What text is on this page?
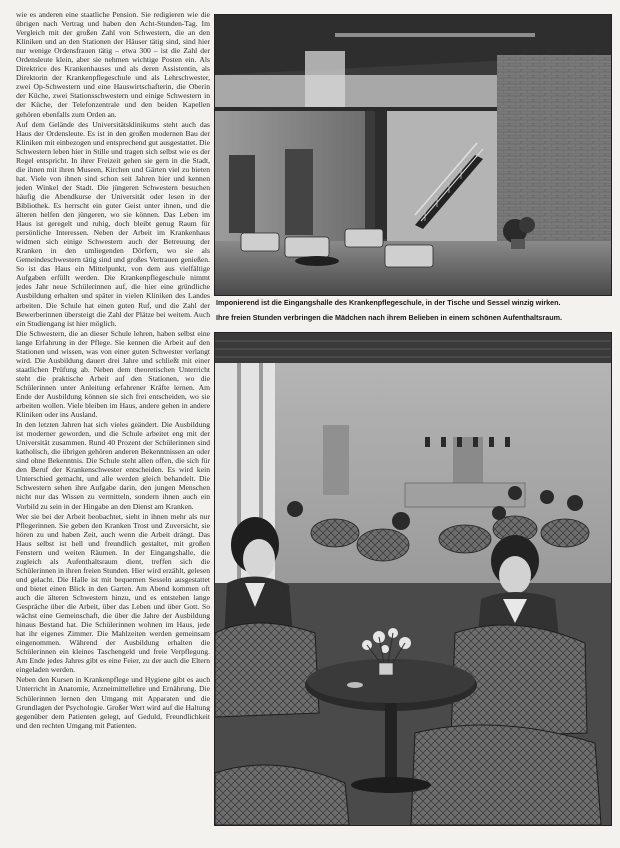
wie es anderen eine staatliche Pension. Sie redigieren wie die übrigen nach Vertrag und haben den Acht-Stunden-Tag. Im Vergleich mit der großen Zahl von Schwestern, die an den Kliniken und an den Stationen der Häuser tätig sind, sind hier nur wenige Ordensfrauen tätig – etwa 300 – ist die Zahl der Ordensleute klein, aber sie nehmen wichtige Posten ein. Als Direktrice des Krankenhauses und als deren Assistentin, als Direktorin der Krankenpflegeschule und als Lehrschwester, zwei Op-Schwestern und eine Hauswirtschafterin, die Oberin der Küche, zwei Stationsschwestern und einige Schwestern in der Küche, der Telefonzentrale und den beiden Kapellen gehören ebenfalls zum Orden an.

Auf dem Gelände des Universitätsklinikums steht auch das Haus der Ordensleute. Es ist in den großen modernen Bau der Kliniken mit einbezogen und entsprechend gut ausgestattet. Die Schwestern leben hier in Stille und tragen sich selbst wie es der Regel entspricht. In ihrer Freizeit gehen sie gern in die Stadt, die ihnen mit ihren Museen, Kirchen und Gärten viel zu bieten hat. Viele von ihnen sind schon seit Jahren hier und kennen jeden Winkel der Stadt. Die jüngeren Schwestern besuchen häufig die Abendkurse der Universität oder lesen in der Bibliothek. Es herrscht ein guter Geist unter ihnen, und die älteren helfen den jüngeren, wo sie können. Das Leben im Haus ist geregelt und ruhig, doch bleibt genug Raum für persönliche Interessen. Neben der Arbeit im Krankenhaus widmen sich einige Schwestern auch der Betreuung der Kranken in den umliegenden Dörfern, wo sie als Gemeindeschwestern tätig sind und großes Vertrauen genießen. So ist das Haus ein Mittelpunkt, von dem aus vielfältige Aufgaben erfüllt werden. Die Krankenpflegeschule nimmt jedes Jahr neue Schülerinnen auf, die hier eine gründliche Ausbildung erhalten und später in vielen Kliniken des Landes arbeiten. Die Schule hat einen guten Ruf, und die Zahl der Bewerberinnen übersteigt die Zahl der Plätze bei weitem. Auch ein Studiengang ist hier möglich.

Die Schwestern, die an dieser Schule lehren, haben selbst eine lange Erfahrung in der Pflege. Sie kennen die Arbeit auf den Stationen und wissen, was von einer guten Schwester verlangt wird. Die Ausbildung dauert drei Jahre und schließt mit einer staatlichen Prüfung ab. Neben dem theoretischen Unterricht steht die praktische Arbeit auf den Stationen, wo die Schülerinnen unter Anleitung erfahrener Kräfte lernen. Am Ende der Ausbildung können sie sich frei entscheiden, wo sie arbeiten wollen. Viele bleiben im Haus, andere gehen in andere Kliniken oder ins Ausland.

In den letzten Jahren hat sich vieles geändert. Die Ausbildung ist moderner geworden, und die Schule arbeitet eng mit der Universität zusammen. Rund 40 Prozent der Schülerinnen sind katholisch, die übrigen gehören anderen Bekenntnissen an oder sind ohne Bekenntnis. Die Schule steht allen offen, die sich für den Beruf der Krankenschwester entscheiden. Es wird kein Unterschied gemacht, und alle werden gleich behandelt. Die Schwestern sehen ihre Aufgabe darin, den jungen Menschen nicht nur das Wissen zu vermitteln, sondern ihnen auch ein Vorbild zu sein in der Hingabe an den Dienst am Kranken.

Wer sie bei der Arbeit beobachtet, sieht in ihnen mehr als nur Pflegerinnen. Sie geben den Kranken Trost und Zuversicht, sie hören zu und haben Zeit, auch wenn die Arbeit drängt. Das Haus selbst ist hell und freundlich gestaltet, mit großen Fenstern und weiten Räumen. In der Eingangshalle, die zugleich als Aufenthaltsraum dient, treffen sich die Schülerinnen in ihren freien Stunden. Hier wird erzählt, gelesen und gelacht. Die Halle ist mit bequemen Sesseln ausgestattet und bietet einen Blick in den Garten. Am Abend kommen oft auch die älteren Schwestern hinzu, und es entstehen lange Gespräche über die Arbeit, über das Leben und über Gott. So wächst eine Gemeinschaft, die über die Jahre der Ausbildung hinaus Bestand hat. Die Schülerinnen wohnen im Haus, jede hat ihr eigenes Zimmer. Die Mahlzeiten werden gemeinsam eingenommen. Während der Ausbildung erhalten die Schülerinnen ein kleines Taschengeld und freie Verpflegung. Am Ende jedes Jahres gibt es eine Feier, zu der auch die Eltern eingeladen werden.

Neben den Kursen in Krankenpflege und Hygiene gibt es auch Unterricht in Anatomie, Arzneimittellehre und Ernährung. Die Schülerinnen lernen den Umgang mit Apparaten und die Grundlagen der Psychologie. Großer Wert wird auf die Haltung gegenüber dem Patienten gelegt, auf Geduld, Freundlichkeit und den rechten Umgang mit Patienten.

Imponierend ist die Eingangshalle des Krankenpflegeschule, in der Tische und Sessel winzig wirken.
Ihre freien Stunden verbringen die Mädchen nach ihrem Belieben in einem schönen Aufenthaltsraum.
